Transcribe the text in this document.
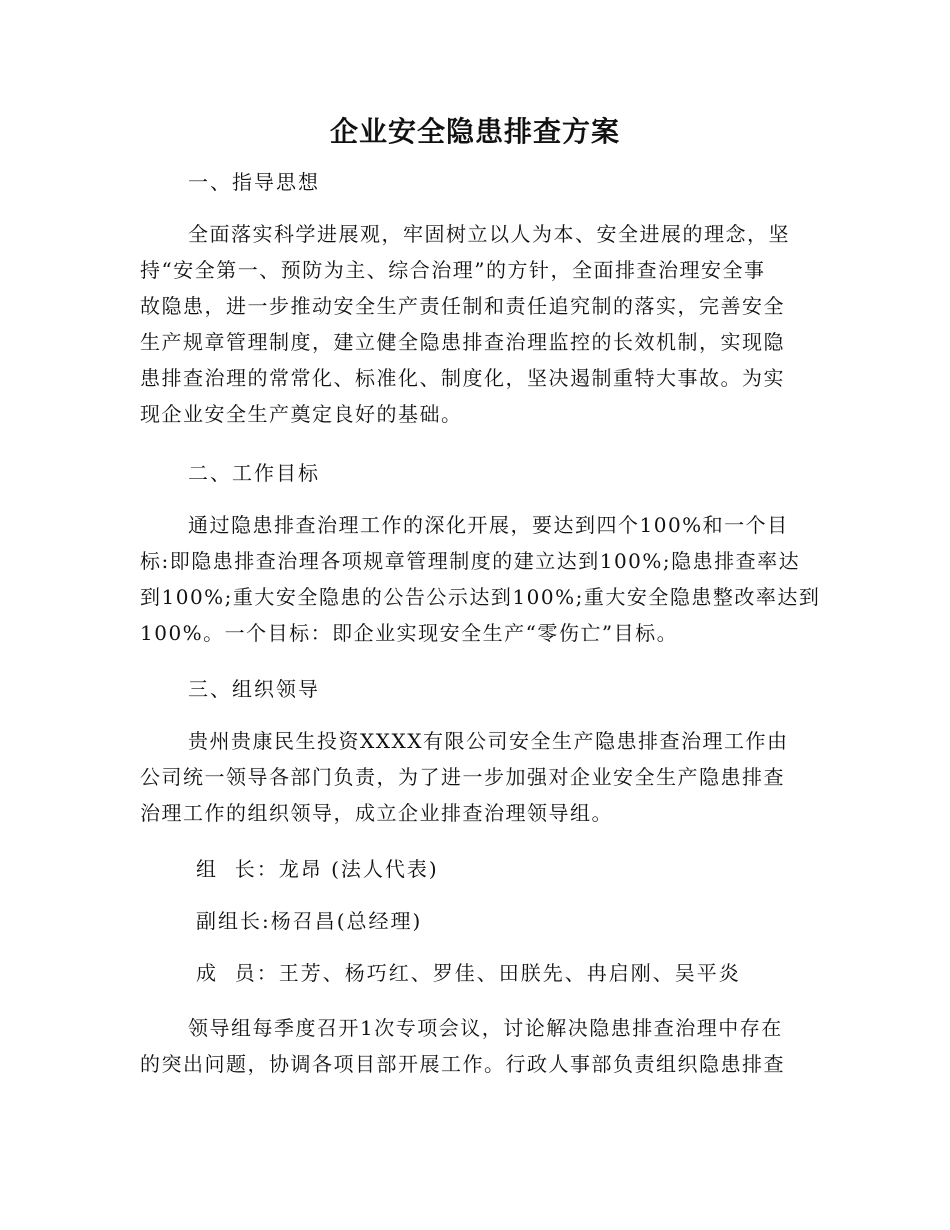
企业安全隐患排查方案
一、指导思想
全面落实科学进展观，牢固树立以人为本、安全进展的理念，坚
持“安全第一、预防为主、综合治理”的方针，全面排查治理安全事
故隐患，进一步推动安全生产责任制和责任追究制的落实，完善安全
生产规章管理制度，建立健全隐患排查治理监控的长效机制，实现隐
患排查治理的常常化、标准化、制度化，坚决遏制重特大事故。为实
现企业安全生产奠定良好的基础。
二、工作目标
通过隐患排查治理工作的深化开展，要达到四个100%和一个目
标:即隐患排查治理各项规章管理制度的建立达到100%;隐患排查率达
到100%;重大安全隐患的公告公示达到100%;重大安全隐患整改率达到
100%。一个目标：即企业实现安全生产“零伤亡”目标。
三、组织领导
贵州贵康民生投资XXXX有限公司安全生产隐患排查治理工作由
公司统一领导各部门负责，为了进一步加强对企业安全生产隐患排查
治理工作的组织领导，成立企业排查治理领导组。
组  长：龙昂 (法人代表)
副组长:杨召昌(总经理)
成  员：王芳、杨巧红、罗佳、田朕先、冉启刚、吴平炎
领导组每季度召开1次专项会议，讨论解决隐患排查治理中存在
的突出问题，协调各项目部开展工作。行政人事部负责组织隐患排查
